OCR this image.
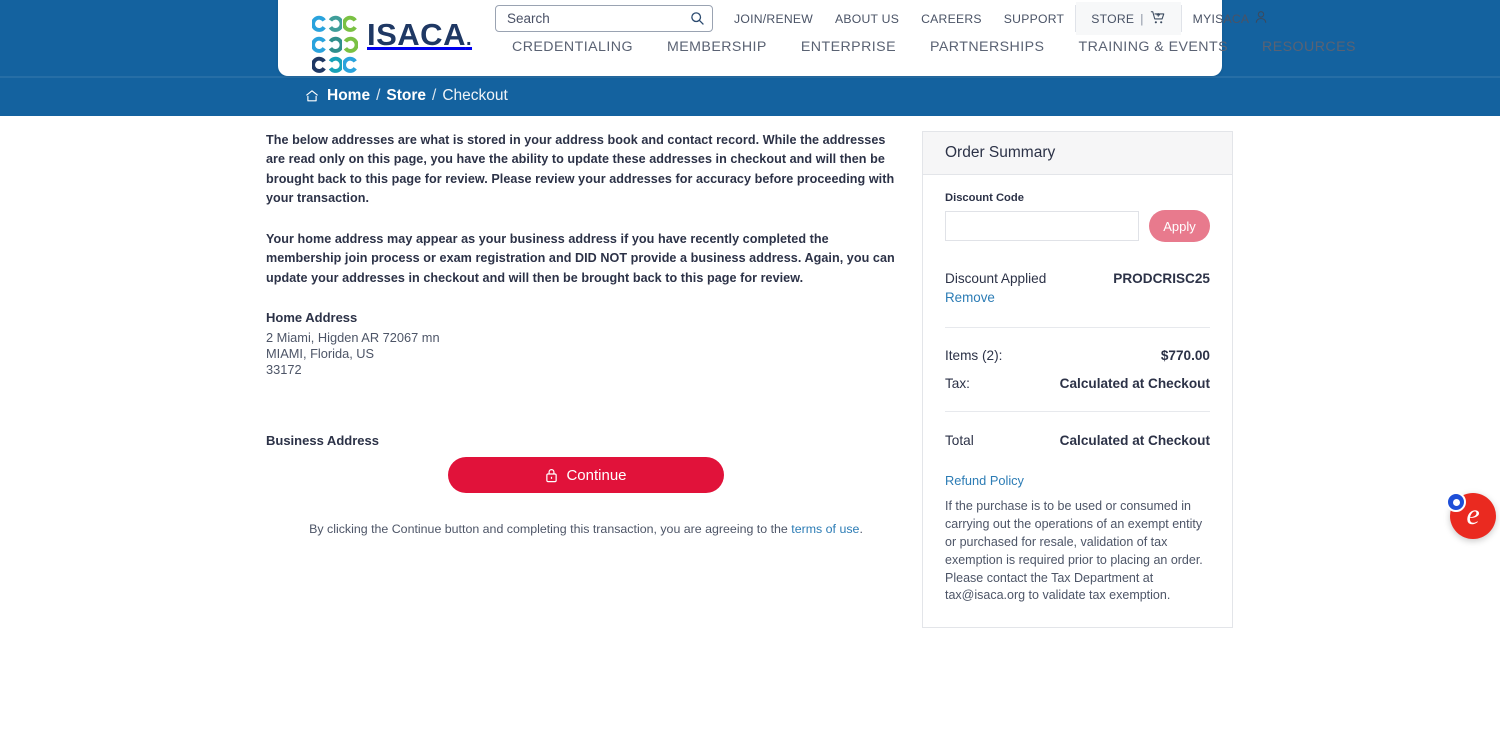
ISACA.
Search
JOIN/RENEW ABOUT US CAREERS SUPPORT STORE |	MYISACA
CREDENTIALING	MEMBERSHIP	ENTERPRISE	PARTNERSHIPS	TRAINING & EVENTS	RESOURCES
Home / Store / Checkout

The below addresses are what is stored in your address book and contact record. While the addresses are read only on this page, you have the ability to update these addresses in checkout and will then be brought back to this page for review. Please review your addresses for accuracy before proceeding with your transaction.

Your home address may appear as your business address if you have recently completed the membership join process or exam registration and DID NOT provide a business address. Again, you can update your addresses in checkout and will then be brought back to this page for review.

Home Address
2 Miami, Higden AR 72067 mn
MIAMI, Florida, US
33172
Business Address
Continue
By clicking the Continue button and completing this transaction, you are agreeing to the terms of use.
Order Summary
Discount Code
Apply
Discount Applied	PRODCRISC25
Remove
Items (2):	$770.00
Tax:	Calculated at Checkout
Total	Calculated at Checkout
Refund Policy
If the purchase is to be used or consumed in carrying out the operations of an exempt entity or purchased for resale, validation of tax exemption is required prior to placing an order. Please contact the Tax Department at tax@isaca.org to validate tax exemption.
e
